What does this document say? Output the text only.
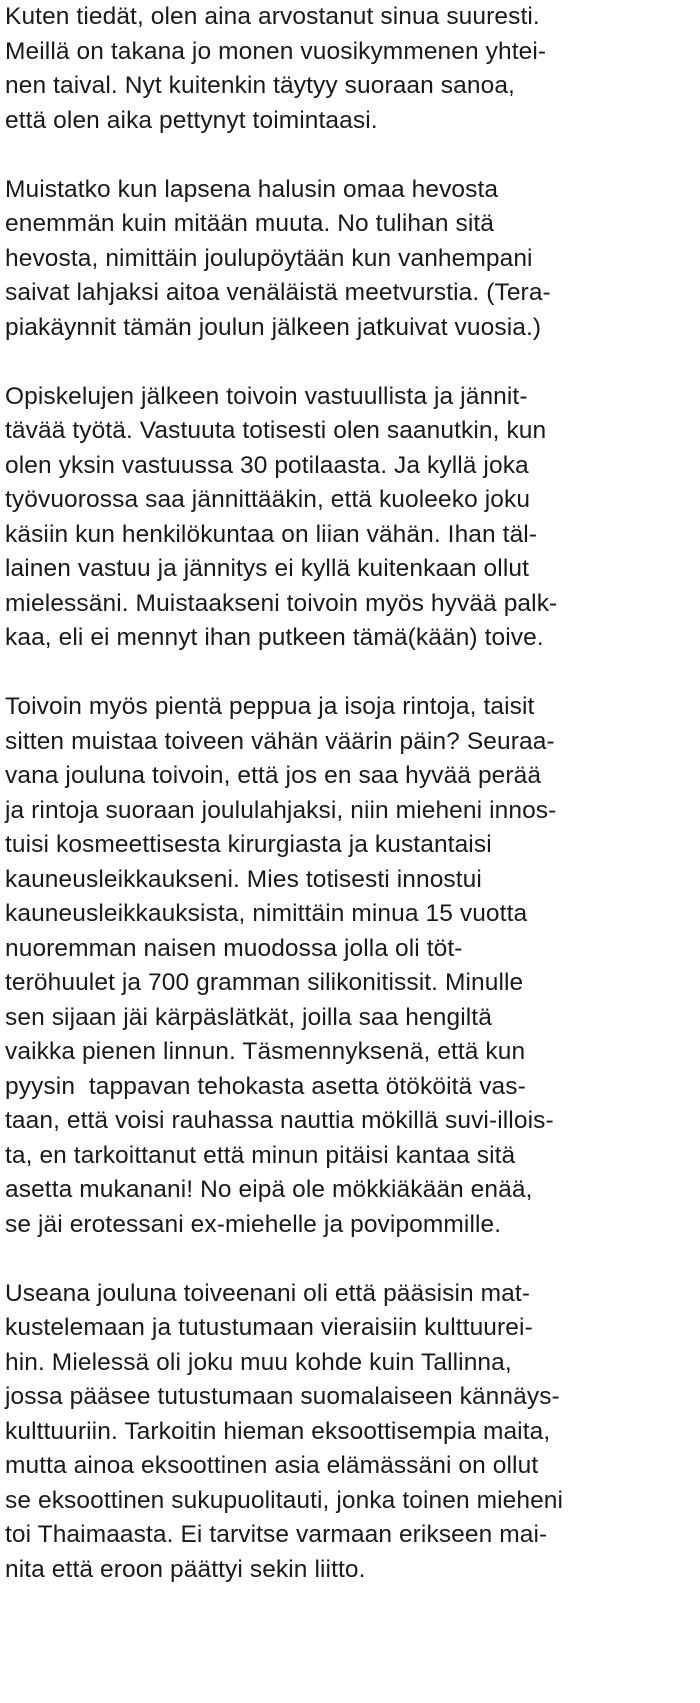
Kuten tiedät, olen aina arvostanut sinua suuresti.
Meillä on takana jo monen vuosikymmenen yhtei-
nen taival. Nyt kuitenkin täytyy suoraan sanoa,
että olen aika pettynyt toimintaasi.

Muistatko kun lapsena halusin omaa hevosta
enemmän kuin mitään muuta. No tulihan sitä
hevosta, nimittäin joulupöytään kun vanhempani
saivat lahjaksi aitoa venäläistä meetvurstia. (Tera-
piakäynnit tämän joulun jälkeen jatkuivat vuosia.)

Opiskelujen jälkeen toivoin vastuullista ja jännit-
tävää työtä. Vastuuta totisesti olen saanutkin, kun
olen yksin vastuussa 30 potilaasta. Ja kyllä joka
työvuorossa saa jännittääkin, että kuoleeko joku
käsiin kun henkilökuntaa on liian vähän. Ihan täl-
lainen vastuu ja jännitys ei kyllä kuitenkaan ollut
mielessäni. Muistaakseni toivoin myös hyvää palk-
kaa, eli ei mennyt ihan putkeen tämä(kään) toive.

Toivoin myös pientä peppua ja isoja rintoja, taisit
sitten muistaa toiveen vähän väärin päin? Seuraa-
vana jouluna toivoin, että jos en saa hyvää perää
ja rintoja suoraan joululahjaksi, niin mieheni innos-
tuisi kosmeettisesta kirurgiasta ja kustantaisi
kauneusleikkaukseni. Mies totisesti innostui
kauneusleikkauksista, nimittäin minua 15 vuotta
nuoremman naisen muodossa jolla oli töt-
teröhuulet ja 700 gramman silikonitissit. Minulle
sen sijaan jäi kärpäslätkät, joilla saa hengiltä
vaikka pienen linnun. Täsmennyksenä, että kun
pyysin  tappavan tehokasta asetta ötököitä vas-
taan, että voisi rauhassa nauttia mökillä suvi-illois-
ta, en tarkoittanut että minun pitäisi kantaa sitä
asetta mukanani! No eipä ole mökkiäkään enää,
se jäi erotessani ex-miehelle ja povipommille.

Useana jouluna toiveenani oli että pääsisin mat-
kustelemaan ja tutustumaan vieraisiin kulttuurei-
hin. Mielessä oli joku muu kohde kuin Tallinna,
jossa pääsee tutustumaan suomalaiseen kännäys-
kulttuuriin. Tarkoitin hieman eksoottisempia maita,
mutta ainoa eksoottinen asia elämässäni on ollut
se eksoottinen sukupuolitauti, jonka toinen mieheni
toi Thaimaasta. Ei tarvitse varmaan erikseen mai-
nita että eroon päättyi sekin liitto.
